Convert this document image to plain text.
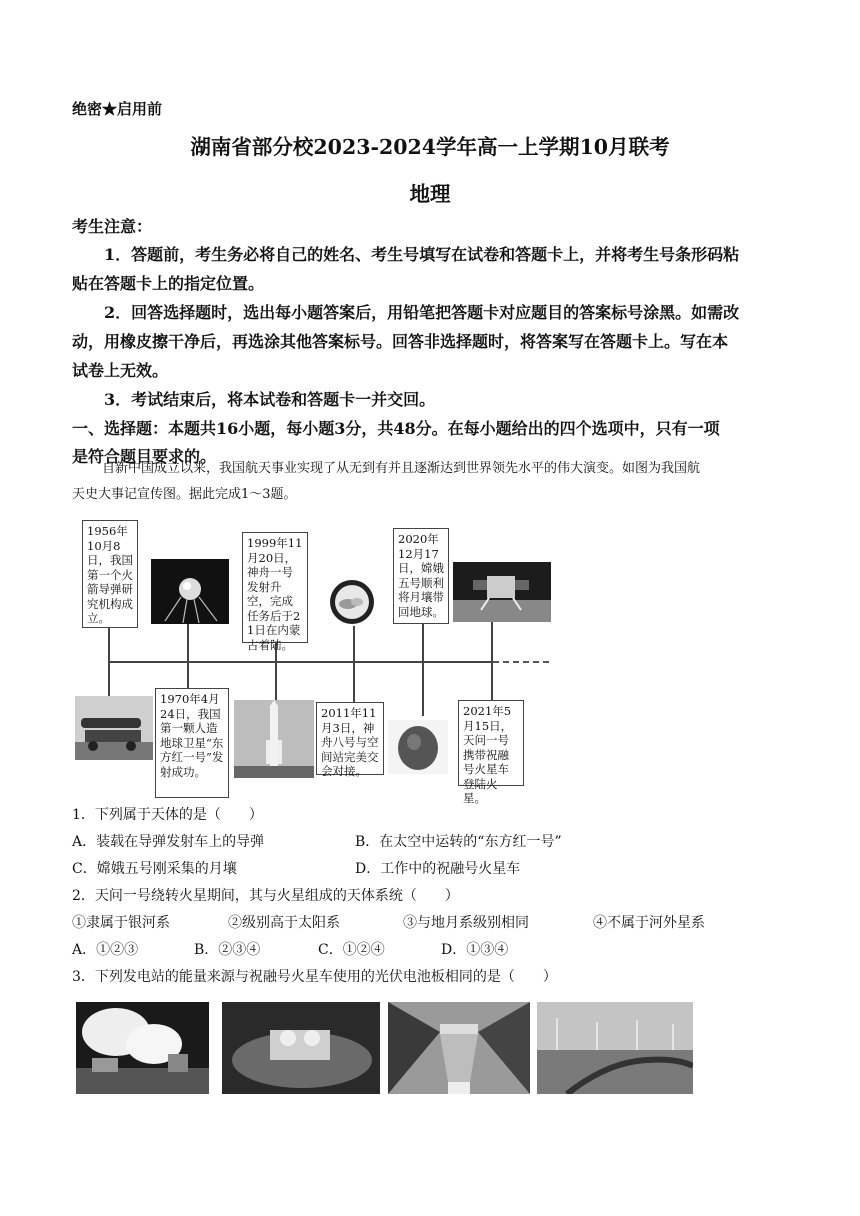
绝密★启用前
湖南省部分校2023-2024学年高一上学期10月联考
地理
考生注意：
1．答题前，考生务必将自己的姓名、考生号填写在试卷和答题卡上，并将考生号条形码粘
贴在答题卡上的指定位置。
2．回答选择题时，选出每小题答案后，用铅笔把答题卡对应题目的答案标号涂黑。如需改
动，用橡皮擦干净后，再选涂其他答案标号。回答非选择题时，将答案写在答题卡上。写在本
试卷上无效。
3．考试结束后，将本试卷和答题卡一并交回。
一、选择题：本题共16小题，每小题3分，共48分。在每小题给出的四个选项中，只有一项
是符合题目要求的。
自新中国成立以来，我国航天事业实现了从无到有并且逐渐达到世界领先水平的伟大演变。如图为我国航
天史大事记宣传图。据此完成1～3题。
1956年10月8日，我国第一个火箭导弹研究机构成立。
1999年11月20日，神舟一号发射升空，完成任务后于21日在内蒙古着陆。
2020年12月17日，嫦娥五号顺利将月壤带回地球。
1970年4月24日，我国第一颗人造地球卫星“东方红一号”发射成功。
2011年11月3日，神舟八号与空间站完美交会对接。
2021年5月15日，天问一号携带祝融号火星车登陆火星。
1．下列属于天体的是（　　）
A．装载在导弹发射车上的导弹	B．在太空中运转的“东方红一号”
C．嫦娥五号刚采集的月壤	D．工作中的祝融号火星车
2．天问一号绕转火星期间，其与火星组成的天体系统（　　）
①隶属于银河系	②级别高于太阳系	③与地月系级别相同	④不属于河外星系
A．①②③	B．②③④	C．①②④	D．①③④
3．下列发电站的能量来源与祝融号火星车使用的光伏电池板相同的是（　　）
